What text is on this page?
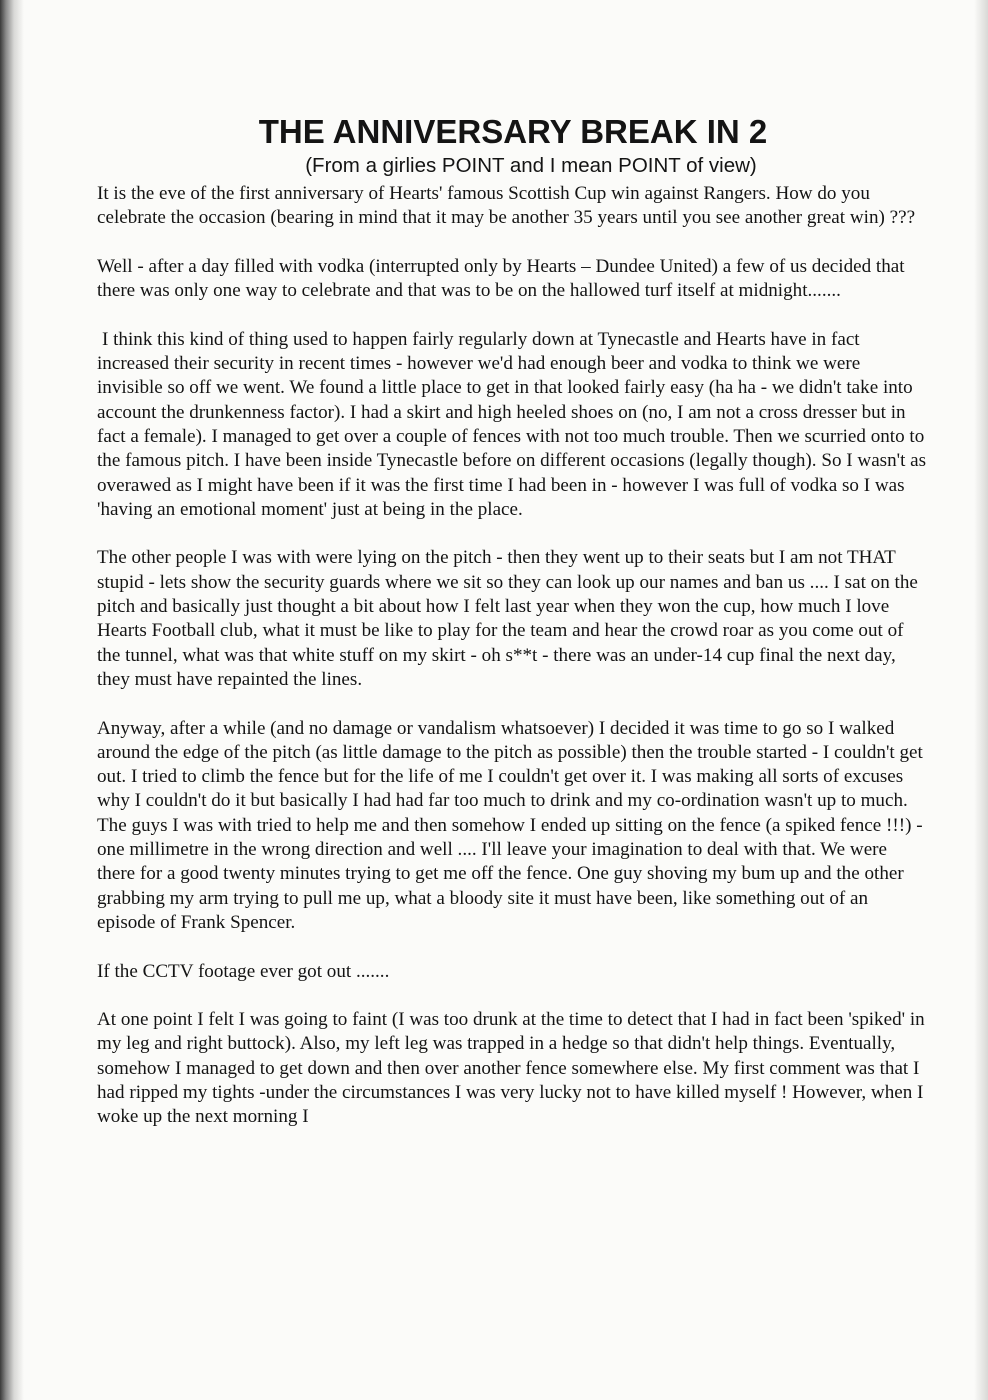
THE ANNIVERSARY BREAK IN 2
(From a girlies POINT and I mean POINT of view)

It is the eve of the first anniversary of Hearts' famous Scottish Cup win against Rangers. How do you celebrate the occasion (bearing in mind that it may be another 35 years until you see another great win) ???

Well - after a day filled with vodka (interrupted only by Hearts – Dundee United) a few of us decided that there was only one way to celebrate and that was to be on the hallowed turf itself at midnight.......

I think this kind of thing used to happen fairly regularly down at Tynecastle and Hearts have in fact increased their security in recent times - however we'd had enough beer and vodka to think we were invisible so off we went. We found a little place to get in that looked fairly easy (ha ha - we didn't take into account the drunkenness factor). I had a skirt and high heeled shoes on (no, I am not a cross dresser but in fact a female). I managed to get over a couple of fences with not too much trouble. Then we scurried onto to the famous pitch. I have been inside Tynecastle before on different occasions (legally though). So I wasn't as overawed as I might have been if it was the first time I had been in - however I was full of vodka so I was 'having an emotional moment' just at being in the place.

The other people I was with were lying on the pitch - then they went up to their seats but I am not THAT stupid - lets show the security guards where we sit so they can look up our names and ban us .... I sat on the pitch and basically just thought a bit about how I felt last year when they won the cup, how much I love Hearts Football club, what it must be like to play for the team and hear the crowd roar as you come out of the tunnel, what was that white stuff on my skirt - oh s**t - there was an under-14 cup final the next day, they must have repainted the lines.

Anyway, after a while (and no damage or vandalism whatsoever) I decided it was time to go so I walked around the edge of the pitch (as little damage to the pitch as possible) then the trouble started - I couldn't get out. I tried to climb the fence but for the life of me I couldn't get over it. I was making all sorts of excuses why I couldn't do it but basically I had had far too much to drink and my co-ordination wasn't up to much. The guys I was with tried to help me and then somehow I ended up sitting on the fence (a spiked fence !!!) - one millimetre in the wrong direction and well .... I'll leave your imagination to deal with that. We were there for a good twenty minutes trying to get me off the fence. One guy shoving my bum up and the other grabbing my arm trying to pull me up, what a bloody site it must have been, like something out of an episode of Frank Spencer.

If the CCTV footage ever got out .......

At one point I felt I was going to faint (I was too drunk at the time to detect that I had in fact been 'spiked' in my leg and right buttock). Also, my left leg was trapped in a hedge so that didn't help things. Eventually, somehow I managed to get down and then over another fence somewhere else. My first comment was that I had ripped my tights -under the circumstances I was very lucky not to have killed myself ! However, when I woke up the next morning I
